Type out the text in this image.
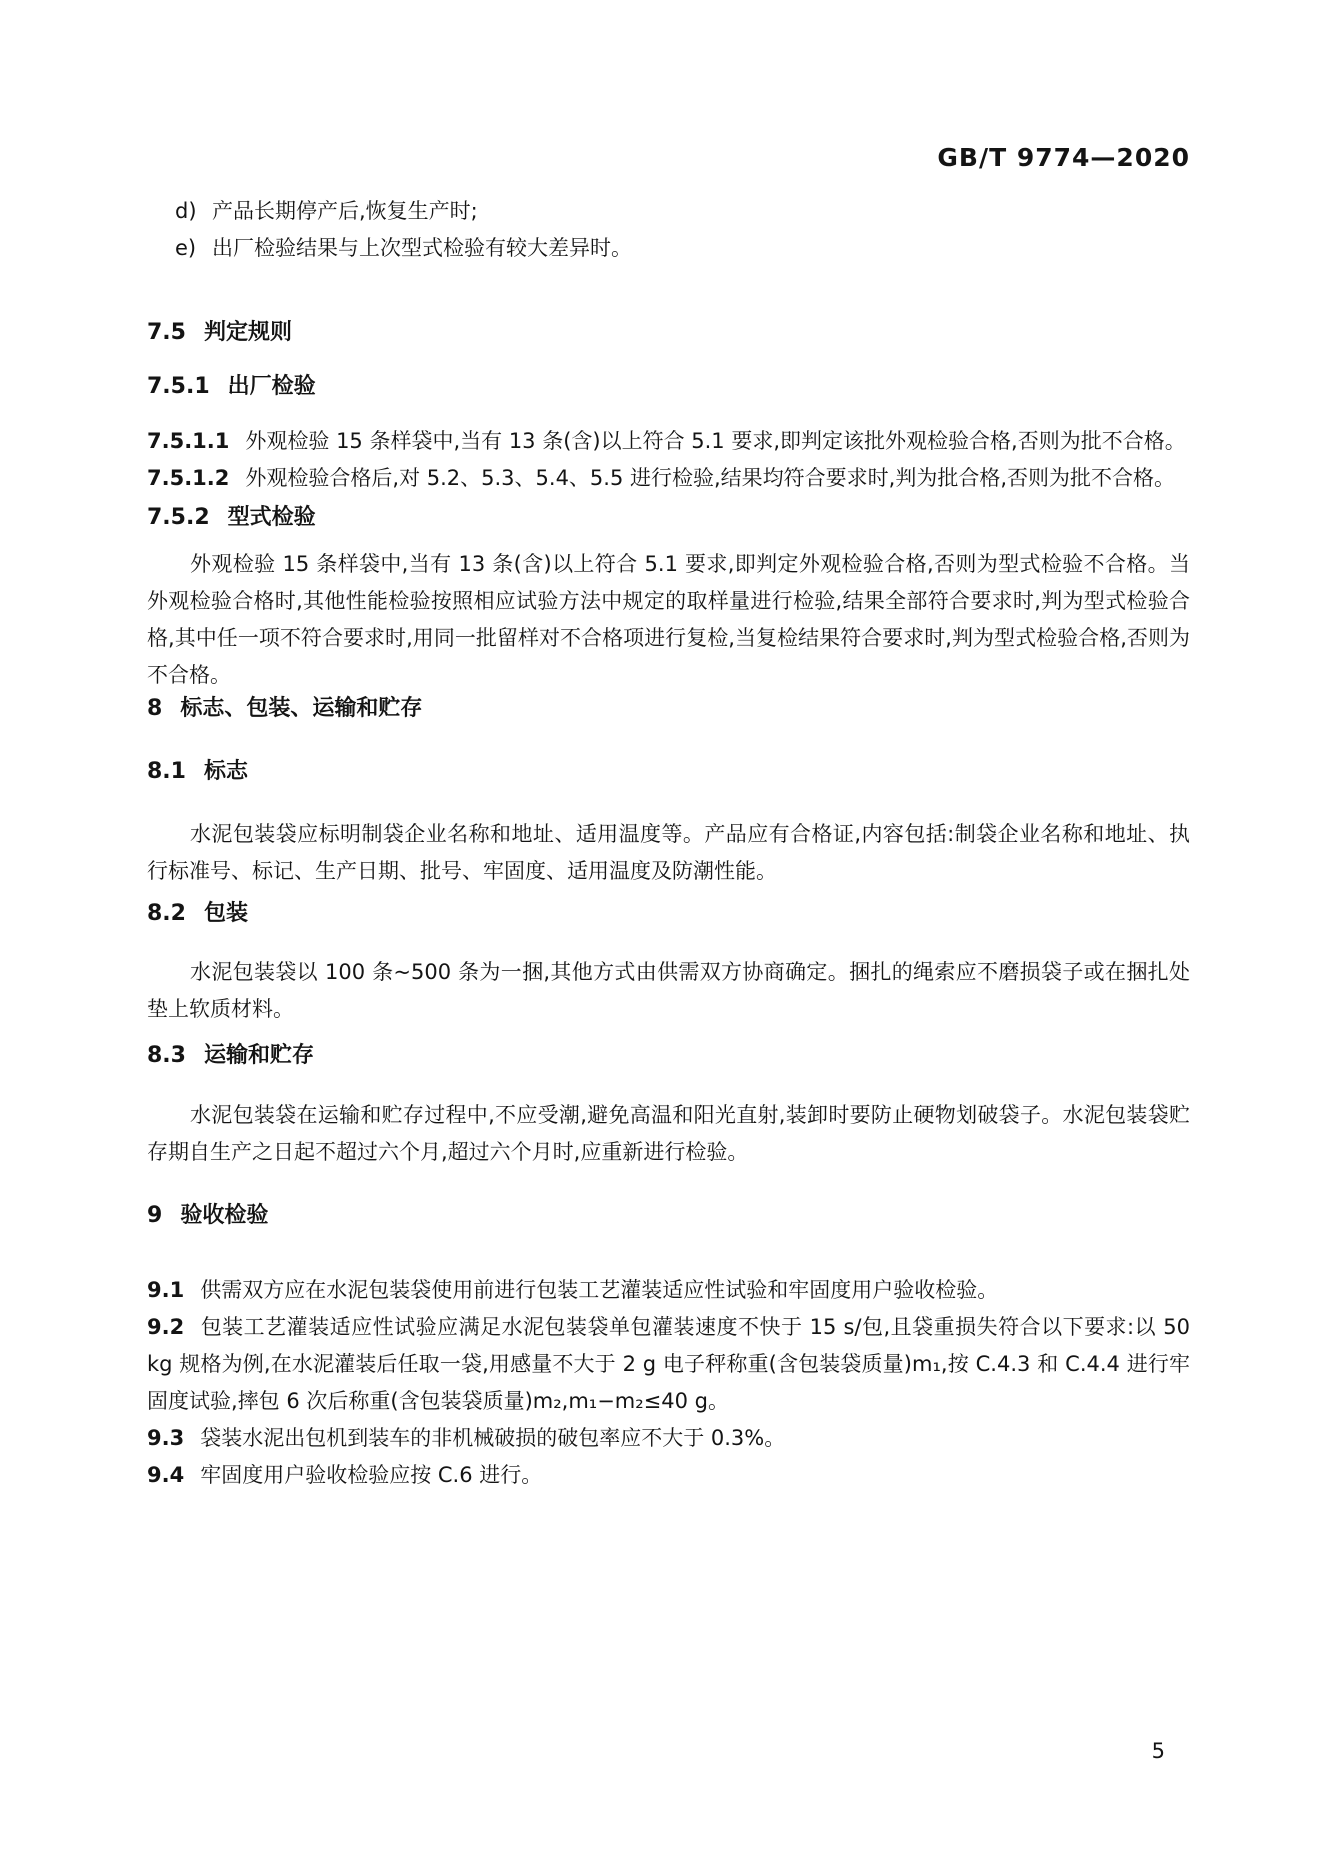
GB/T 9774—2020
d) 产品长期停产后,恢复生产时;
e) 出厂检验结果与上次型式检验有较大差异时。
7.5 判定规则
7.5.1 出厂检验
7.5.1.1 外观检验 15 条样袋中,当有 13 条(含)以上符合 5.1 要求,即判定该批外观检验合格,否则为批不合格。
7.5.1.2 外观检验合格后,对 5.2、5.3、5.4、5.5 进行检验,结果均符合要求时,判为批合格,否则为批不合格。
7.5.2 型式检验
外观检验 15 条样袋中,当有 13 条(含)以上符合 5.1 要求,即判定外观检验合格,否则为型式检验不合格。当外观检验合格时,其他性能检验按照相应试验方法中规定的取样量进行检验,结果全部符合要求时,判为型式检验合格,其中任一项不符合要求时,用同一批留样对不合格项进行复检,当复检结果符合要求时,判为型式检验合格,否则为不合格。
8 标志、包装、运输和贮存
8.1 标志
水泥包装袋应标明制袋企业名称和地址、适用温度等。产品应有合格证,内容包括:制袋企业名称和地址、执行标准号、标记、生产日期、批号、牢固度、适用温度及防潮性能。
8.2 包装
水泥包装袋以 100 条~500 条为一捆,其他方式由供需双方协商确定。捆扎的绳索应不磨损袋子或在捆扎处垫上软质材料。
8.3 运输和贮存
水泥包装袋在运输和贮存过程中,不应受潮,避免高温和阳光直射,装卸时要防止硬物划破袋子。水泥包装袋贮存期自生产之日起不超过六个月,超过六个月时,应重新进行检验。
9 验收检验
9.1 供需双方应在水泥包装袋使用前进行包装工艺灌装适应性试验和牢固度用户验收检验。
9.2 包装工艺灌装适应性试验应满足水泥包装袋单包灌装速度不快于 15 s/包,且袋重损失符合以下要求:以 50 kg 规格为例,在水泥灌装后任取一袋,用感量不大于 2 g 电子秤称重(含包装袋质量)m₁,按 C.4.3 和 C.4.4 进行牢固度试验,摔包 6 次后称重(含包装袋质量)m₂,m₁−m₂≤40 g。
9.3 袋装水泥出包机到装车的非机械破损的破包率应不大于 0.3%。
9.4 牢固度用户验收检验应按 C.6 进行。
5
